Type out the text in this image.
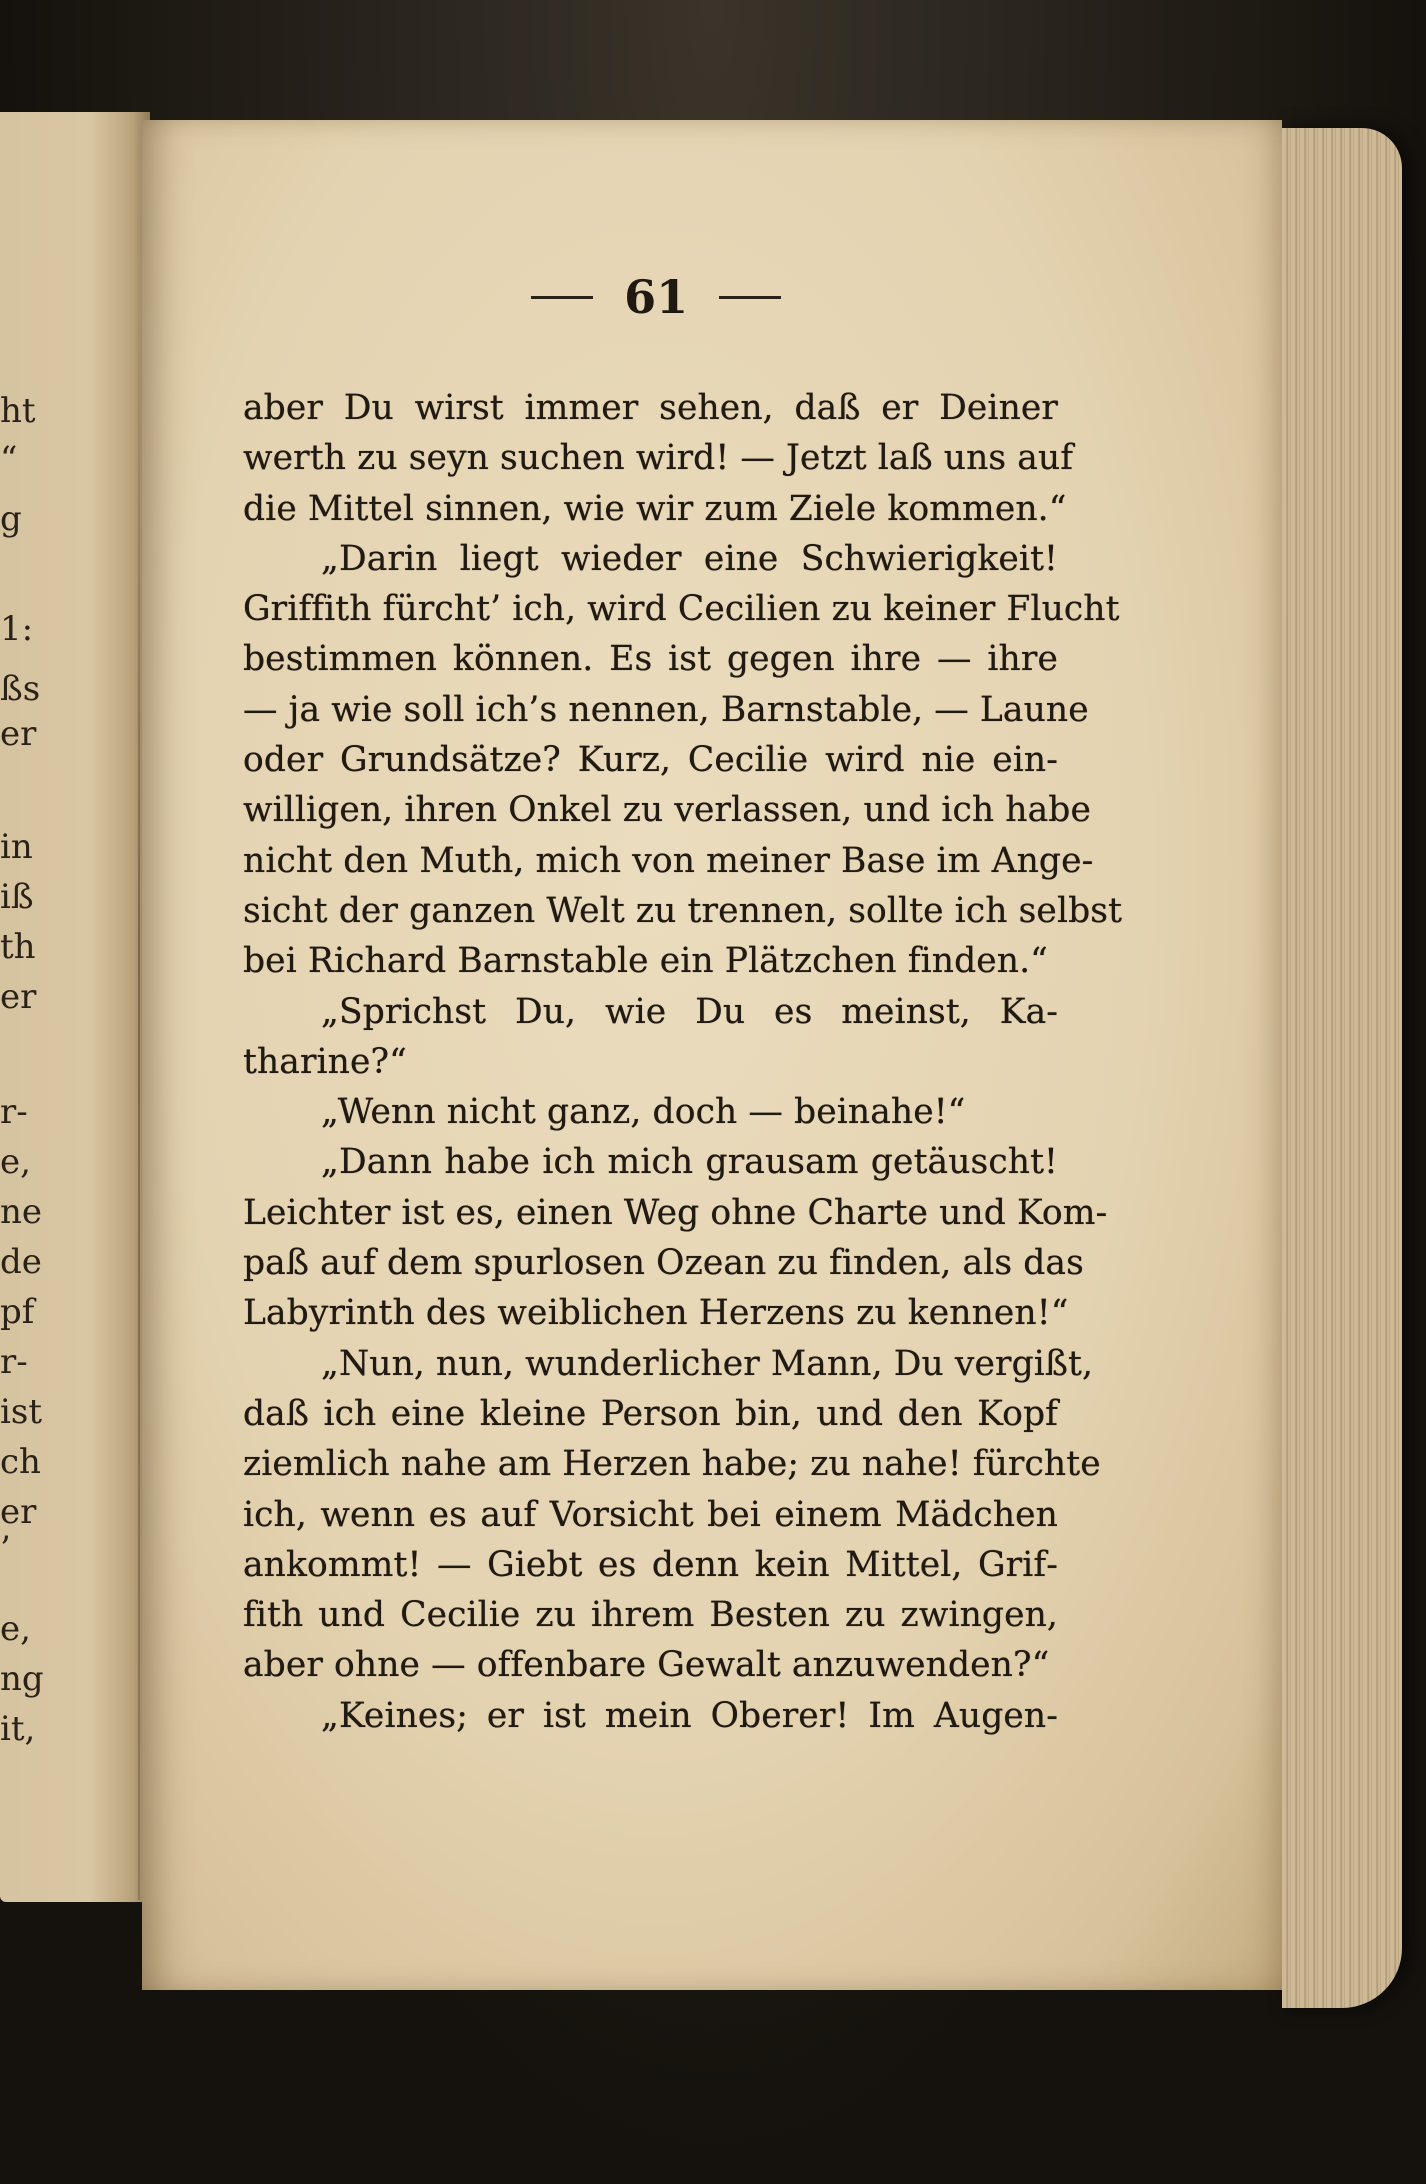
ht
“
g
1:
ßs
er
in
iß
th
er
r‑
e,
ne
de
pf
r‑
ist
ch
er
’
e,
ng
it,
61
aber Du wirst immer sehen, daß er Deiner
werth zu seyn suchen wird! — Jetzt laß uns auf
die Mittel sinnen, wie wir zum Ziele kommen.“
„Darin liegt wieder eine Schwierigkeit!
Griffith fürcht’ ich, wird Cecilien zu keiner Flucht
bestimmen können. Es ist gegen ihre — ihre
— ja wie soll ich’s nennen, Barnstable, — Laune
oder Grundsätze? Kurz, Cecilie wird nie ein‑
willigen, ihren Onkel zu verlassen, und ich habe
nicht den Muth, mich von meiner Base im Ange‑
sicht der ganzen Welt zu trennen, sollte ich selbst
bei Richard Barnstable ein Plätzchen finden.“
„Sprichst Du, wie Du es meinst, Ka‑
tharine?“
„Wenn nicht ganz, doch — beinahe!“
„Dann habe ich mich grausam getäuscht!
Leichter ist es, einen Weg ohne Charte und Kom‑
paß auf dem spurlosen Ozean zu finden, als das
Labyrinth des weiblichen Herzens zu kennen!“
„Nun, nun, wunderlicher Mann, Du vergißt,
daß ich eine kleine Person bin, und den Kopf
ziemlich nahe am Herzen habe; zu nahe! fürchte
ich, wenn es auf Vorsicht bei einem Mädchen
ankommt! — Giebt es denn kein Mittel, Grif‑
fith und Cecilie zu ihrem Besten zu zwingen,
aber ohne — offenbare Gewalt anzuwenden?“
„Keines; er ist mein Oberer! Im Augen‑
